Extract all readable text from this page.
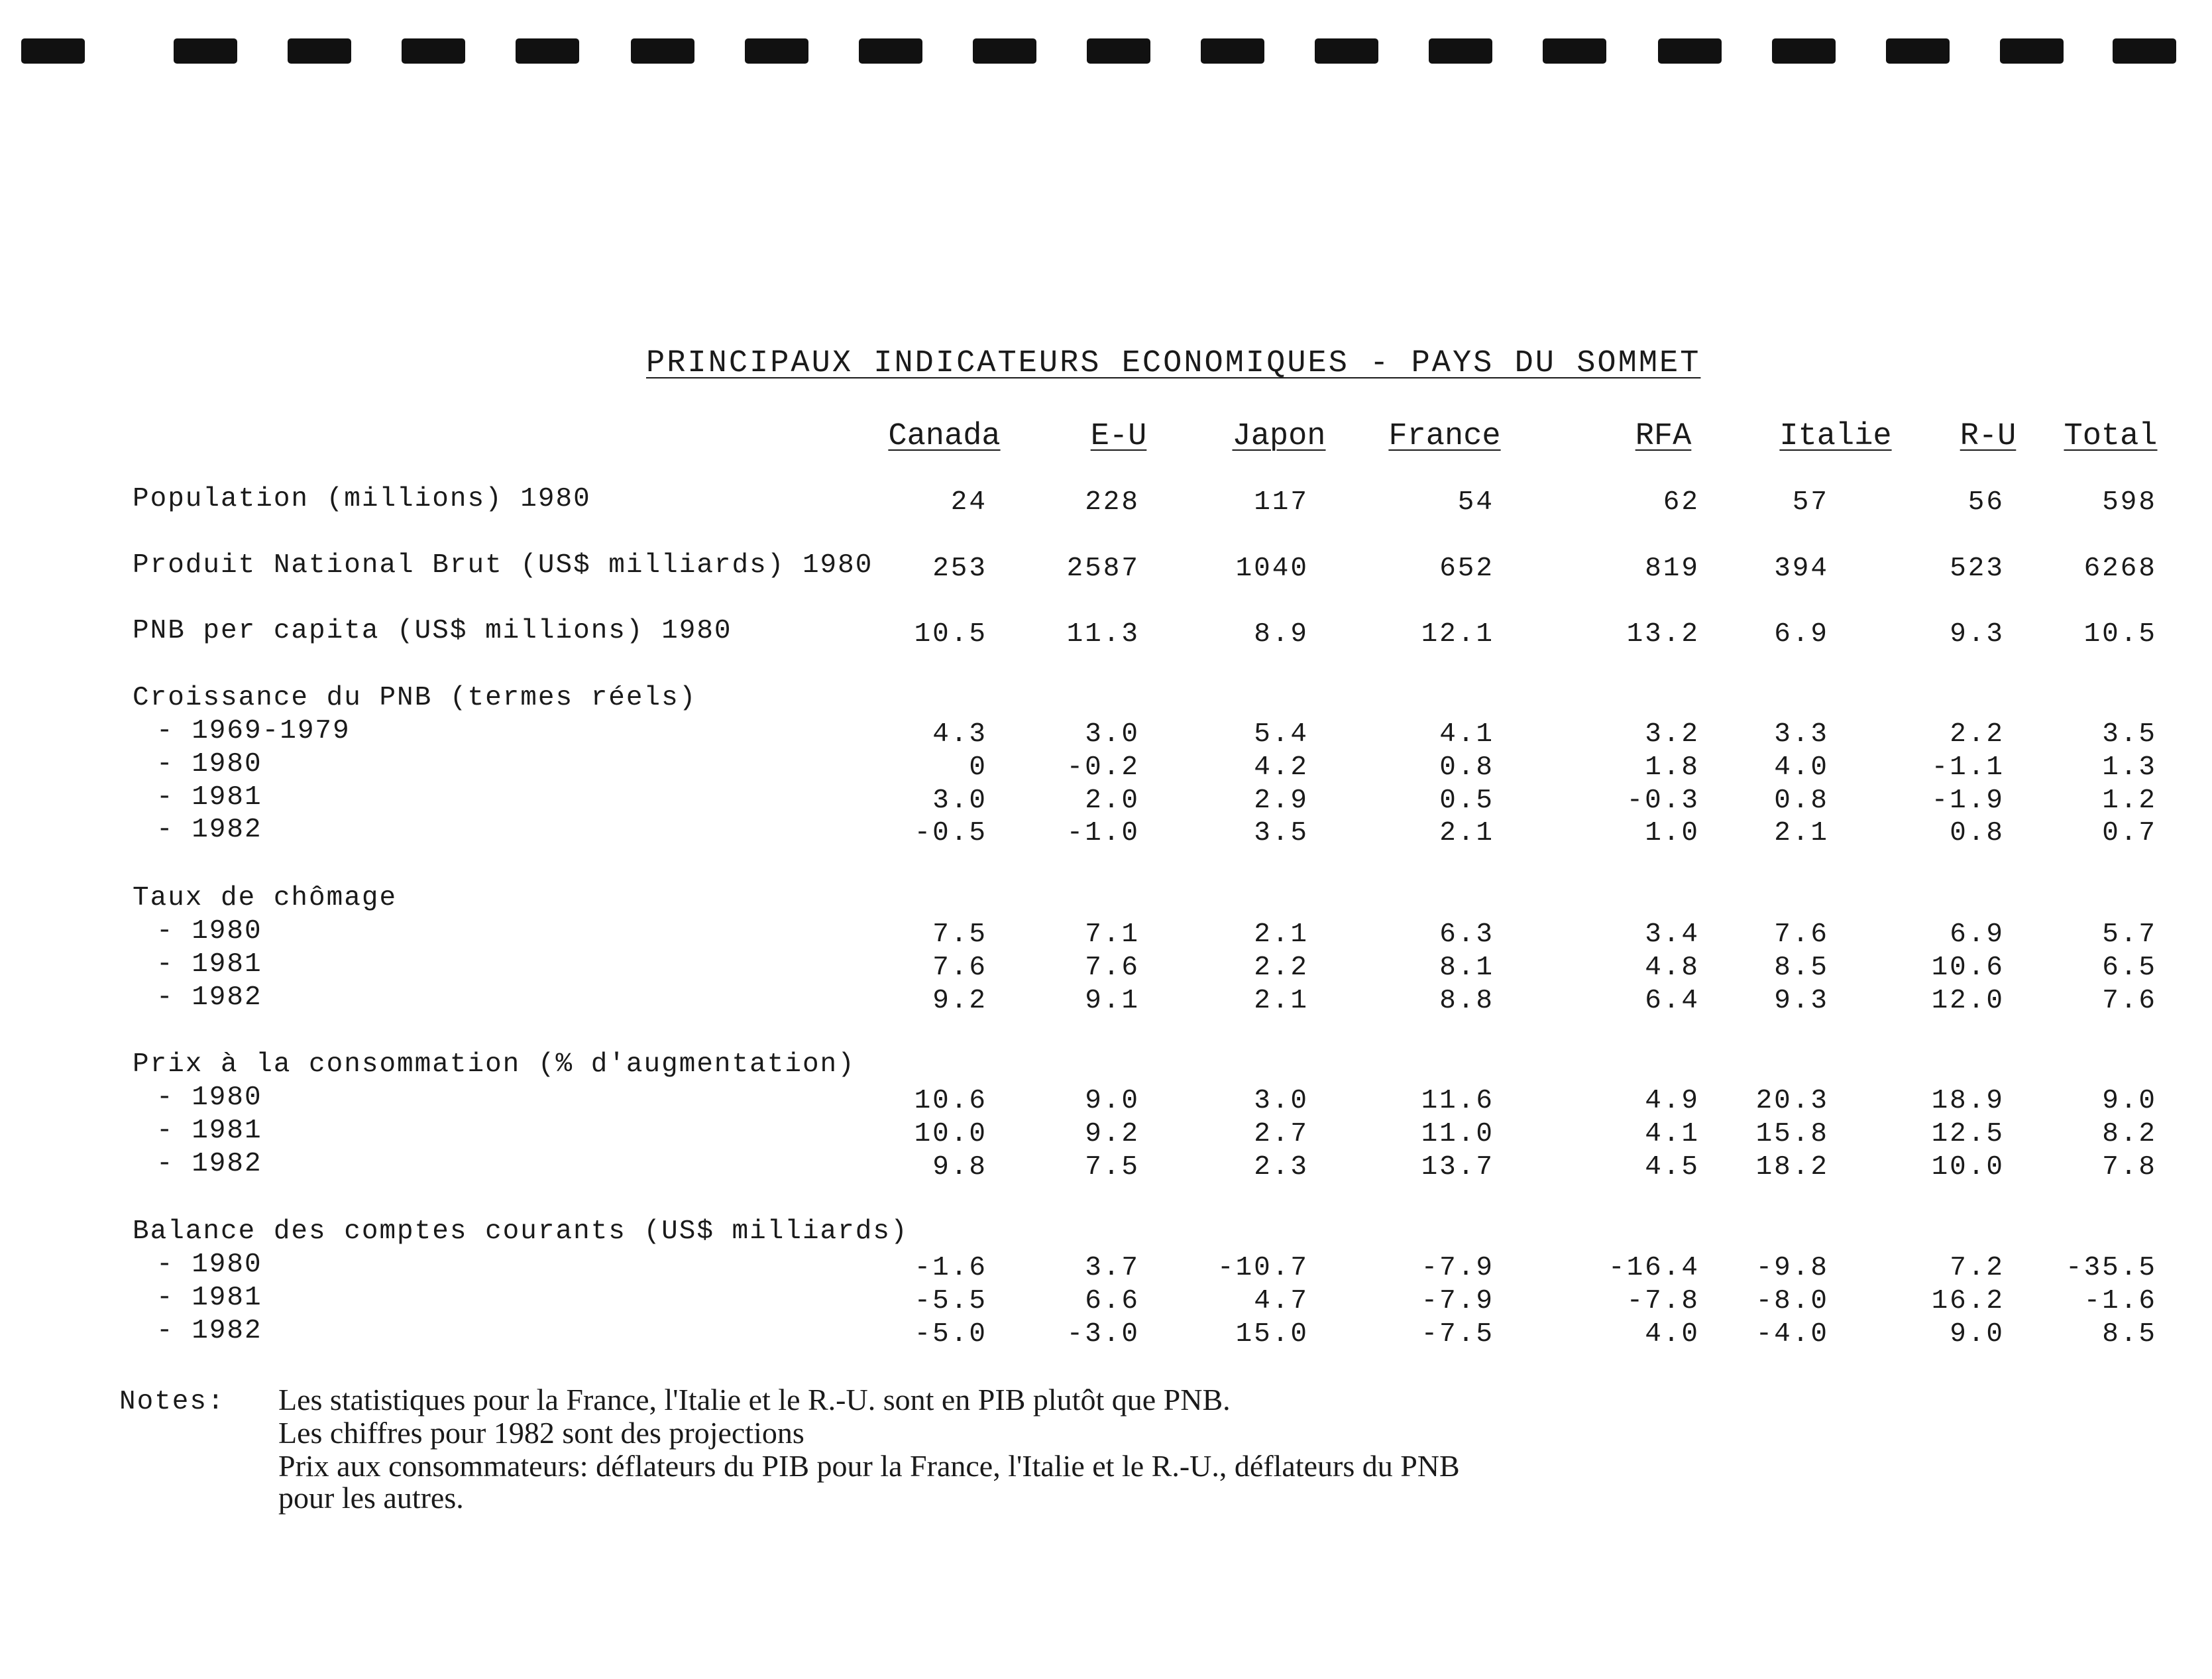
PRINCIPAUX INDICATEURS ECONOMIQUES - PAYS DU SOMMET
Canada	E-U	Japon	France	RFA	Italie	R-U	Total
Population (millions) 1980	24	228	117	54	62	57	56	598
Produit National Brut (US$ milliards) 1980	253	2587	1040	652	819	394	523	6268
PNB per capita (US$ millions) 1980	10.5	11.3	8.9	12.1	13.2	6.9	9.3	10.5
Croissance du PNB (termes réels)
- 1969-1979	4.3	3.0	5.4	4.1	3.2	3.3	2.2	3.5
- 1980	0	-0.2	4.2	0.8	1.8	4.0	-1.1	1.3
- 1981	3.0	2.0	2.9	0.5	-0.3	0.8	-1.9	1.2
- 1982	-0.5	-1.0	3.5	2.1	1.0	2.1	0.8	0.7
Taux de chômage
- 1980	7.5	7.1	2.1	6.3	3.4	7.6	6.9	5.7
- 1981	7.6	7.6	2.2	8.1	4.8	8.5	10.6	6.5
- 1982	9.2	9.1	2.1	8.8	6.4	9.3	12.0	7.6
Prix à la consommation (% d'augmentation)
- 1980	10.6	9.0	3.0	11.6	4.9	20.3	18.9	9.0
- 1981	10.0	9.2	2.7	11.0	4.1	15.8	12.5	8.2
- 1982	9.8	7.5	2.3	13.7	4.5	18.2	10.0	7.8
Balance des comptes courants (US$ milliards)
- 1980	-1.6	3.7	-10.7	-7.9	-16.4	-9.8	7.2	-35.5
- 1981	-5.5	6.6	4.7	-7.9	-7.8	-8.0	16.2	-1.6
- 1982	-5.0	-3.0	15.0	-7.5	4.0	-4.0	9.0	8.5
Notes: Les statistiques pour la France, l'Italie et le R.-U. sont en PIB plutôt que PNB.
Les chiffres pour 1982 sont des projections
Prix aux consommateurs: déflateurs du PIB pour la France, l'Italie et le R.-U., déflateurs du PNB
pour les autres.
